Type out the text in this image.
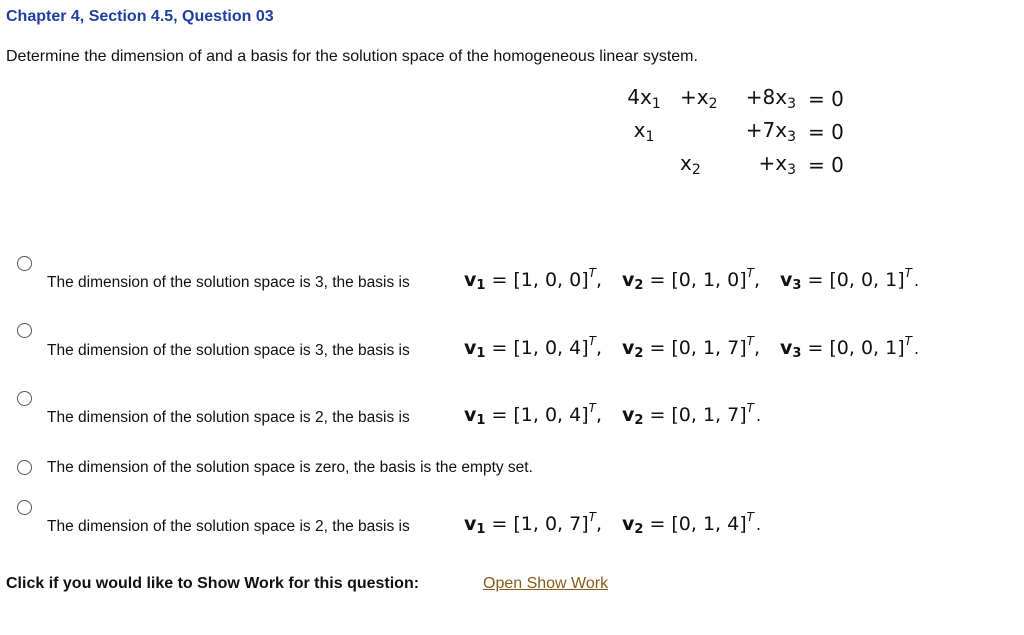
Chapter 4, Section 4.5, Question 03
Determine the dimension of and a basis for the solution space of the homogeneous linear system.
$4x_1 +x_2 +8x_3 = 0$
$x_1$	$+7x_3 = 0$
$x_2$	$+x_3 = 0$
The dimension of the solution space is 3, the basis is	$v_1 = [1$, 0, 0]$^T$ , $v_2 = [0$, 1, 0]$^T$ , $v_3 = [0$, 0, 1]$^T$ .
The dimension of the solution space is 3, the basis is	$v_1 = [1$, 0, 4]$^T$ , $v_2 = [0$, 1, 7]$^T$ , $v_3 = [0$, 0, 1]$^T$ .
The dimension of the solution space is 2, the basis is	$v_1 = [1$, 0, 4]$^T$ , $v_2 = [0$, 1, 7]$^T$ .
The dimension of the solution space is zero, the basis is the empty set.
The dimension of the solution space is 2, the basis is	$v_1 = [1$, 0, 7]$^T$ , $v_2 = [0$, 1, 4]$^T$ .
Click if you would like to Show Work for this question:	Open Show Work
